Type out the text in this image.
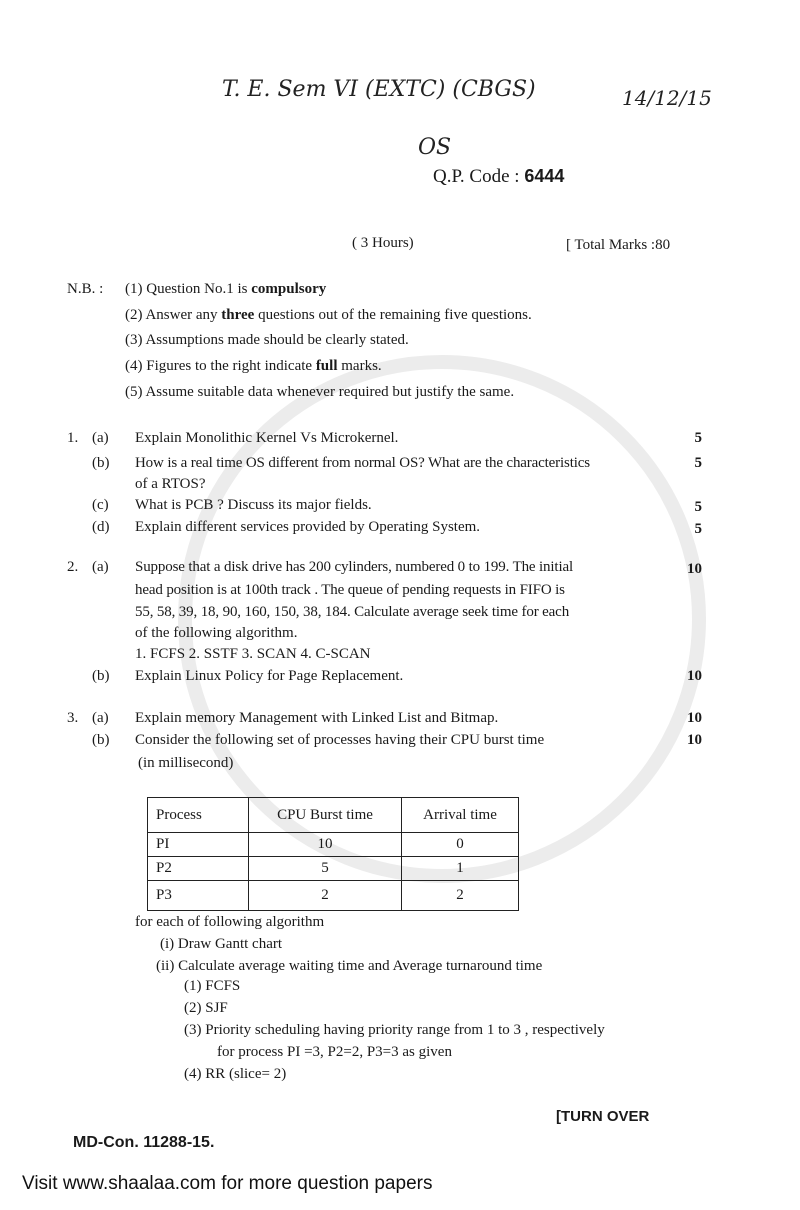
T. E. Sem VI (EXTC) (CBGS)	14/12/15
OS
Q.P. Code : 6444
( 3 Hours)	[ Total Marks :80
N.B. : (1) Question No.1 is compulsory
(2) Answer any three questions out of the remaining five questions.
(3) Assumptions made should be clearly stated.
(4) Figures to the right indicate full marks.
(5) Assume suitable data whenever required but justify the same.
1. (a) Explain Monolithic Kernel Vs Microkernel.	5
(b) How is a real time OS different from normal OS? What are the characteristics
of a RTOS?
5
(c) What is PCB ? Discuss its major fields.	5
(d) Explain different services provided by Operating System.	5
2. (a) Suppose that a disk drive has 200 cylinders, numbered 0 to 199. The initial
head position is at 100th track . The queue of pending requests in FIFO is
55, 58, 39, 18, 90, 160, 150, 38, 184. Calculate average seek time for each
of the following algorithm.
1. FCFS 2. SSTF 3. SCAN 4. C-SCAN
10
(b) Explain Linux Policy for Page Replacement.	10
3. (a) Explain memory Management with Linked List and Bitmap.	10
(b) Consider the following set of processes having their CPU burst time
(in millisecond)
10
Process	CPU Burst time	Arrival time
PI	10	0
P2	5	1
P3	2	2
for each of following algorithm
(i) Draw Gantt chart
(ii) Calculate average waiting time and Average turnaround time
(1) FCFS
(2) SJF
(3) Priority scheduling having priority range from 1 to 3 , respectively
for process PI =3, P2=2, P3=3 as given
(4) RR (slice= 2)
[TURN OVER
MD-Con. 11288-15.
Visit www.shaalaa.com for more question papers
